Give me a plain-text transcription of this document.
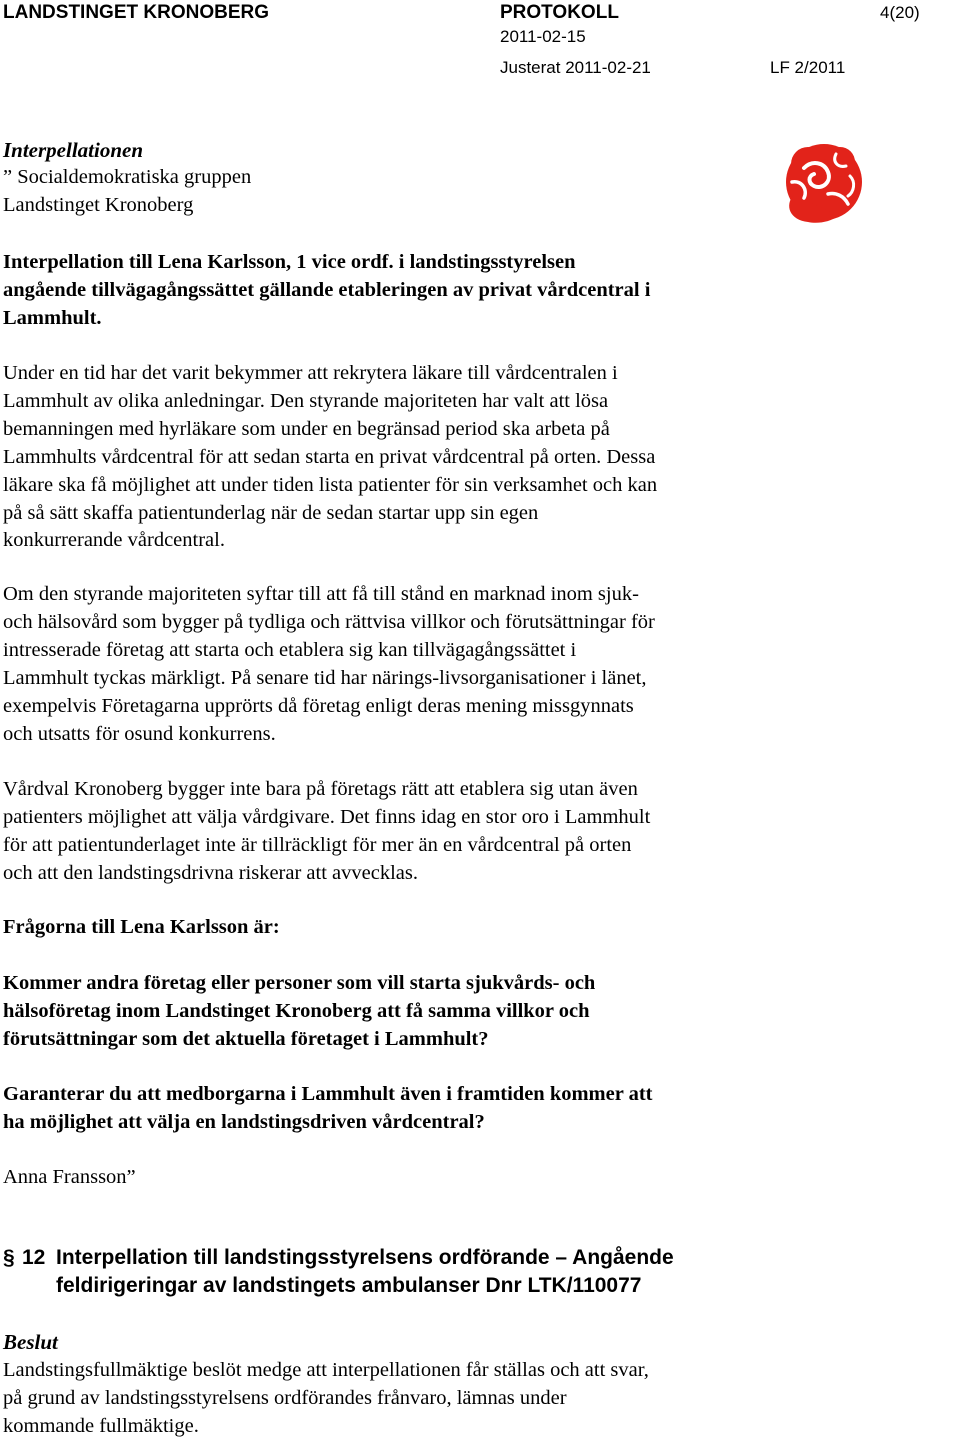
LANDSTINGET KRONOBERG	PROTOKOLL	4(20)
2011-02-15
Justerat 2011-02-21	LF 2/2011
Interpellationen
” Socialdemokratiska gruppen
Landstinget Kronoberg
Interpellation till Lena Karlsson, 1 vice ordf. i landstingsstyrelsen
angående tillvägagångssättet gällande etableringen av privat vårdcentral i
Lammhult.
Under en tid har det varit bekymmer att rekrytera läkare till vårdcentralen i
Lammhult av olika anledningar. Den styrande majoriteten har valt att lösa
bemanningen med hyrläkare som under en begränsad period ska arbeta på
Lammhults vårdcentral för att sedan starta en privat vårdcentral på orten. Dessa
läkare ska få möjlighet att under tiden lista patienter för sin verksamhet och kan
på så sätt skaffa patientunderlag när de sedan startar upp sin egen
konkurrerande vårdcentral.
Om den styrande majoriteten syftar till att få till stånd en marknad inom sjuk-
och hälsovård som bygger på tydliga och rättvisa villkor och förutsättningar för
intresserade företag att starta och etablera sig kan tillvägagångssättet i
Lammhult tyckas märkligt. På senare tid har närings-livsorganisationer i länet,
exempelvis Företagarna upprörts då företag enligt deras mening missgynnats
och utsatts för osund konkurrens.
Vårdval Kronoberg bygger inte bara på företags rätt att etablera sig utan även
patienters möjlighet att välja vårdgivare. Det finns idag en stor oro i Lammhult
för att patientunderlaget inte är tillräckligt för mer än en vårdcentral på orten
och att den landstingsdrivna riskerar att avvecklas.
Frågorna till Lena Karlsson är:
Kommer andra företag eller personer som vill starta sjukvårds- och
hälsoföretag inom Landstinget Kronoberg att få samma villkor och
förutsättningar som det aktuella företaget i Lammhult?
Garanterar du att medborgarna i Lammhult även i framtiden kommer att
ha möjlighet att välja en landstingsdriven vårdcentral?
Anna Fransson”
§ 12 Interpellation till landstingsstyrelsens ordförande – Angående
feldirigeringar av landstingets ambulanser Dnr LTK/110077
Beslut
Landstingsfullmäktige beslöt medge att interpellationen får ställas och att svar,
på grund av landstingsstyrelsens ordförandes frånvaro, lämnas under
kommande fullmäktige.
